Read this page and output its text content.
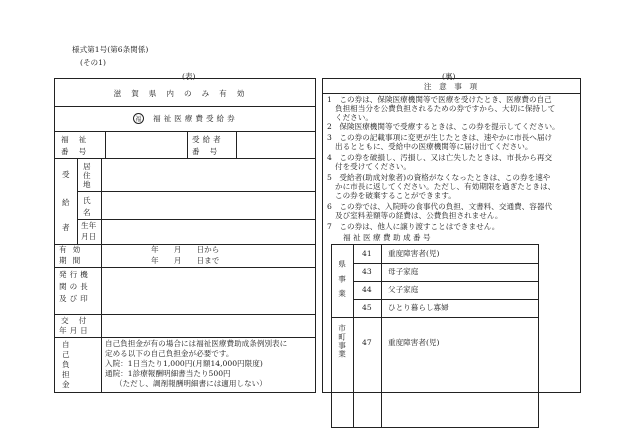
様式第1号(第6条関係)
(その1)
(表)
滋賀県内のみ有効
福	福祉医療費受給券
福祉
番号
受給者
番号
受
給
者
居
住
地
氏
名
生年
月日
有効
期間
年　　月　　日から
年　　月　　日まで
発行機
関の長
及び印
交付
年月日
自
己
負
担
金
自己負担金が有の場合には福祉医療費助成条例別表に
定める以下の自己負担金が必要です。
入院：1日当たり1,000円(月額14,000円限度)
通院：1診療報酬明細書当たり500円
（ただし、調剤報酬明細書には適用しない）
(裏)
注　意　事　項
1　この券は、保険医療機関等で医療を受けたとき、医療費の自己
負担相当分を公費負担されるための券ですから、大切に保持して
ください。
2　保険医療機関等で受療するときは、この券を提示してください。
3　この券の記載事項に変更が生じたときは、速やかに市長へ届け
出るとともに、受給中の医療機関等に届け出てください。
4　この券を破損し、汚損し、又は亡失したときは、市長から再交
付を受けてください。
5　受給者(助成対象者)の資格がなくなったときは、この券を速や
かに市長に返してください。ただし、有効期限を過ぎたときは、
この券を破棄することができます。
6　この券では、入院時の食事代の負担、文書料、交通費、容器代
及び室料差額等の経費は、公費負担されません。
7　この券は、他人に譲り渡すことはできません。
福 祉 医 療 費 助 成 番 号
県事業
市町事業
41 重度障害者(児)
43 母子家庭
44 父子家庭
45 ひとり暮らし寡婦
47 重度障害者(児)
